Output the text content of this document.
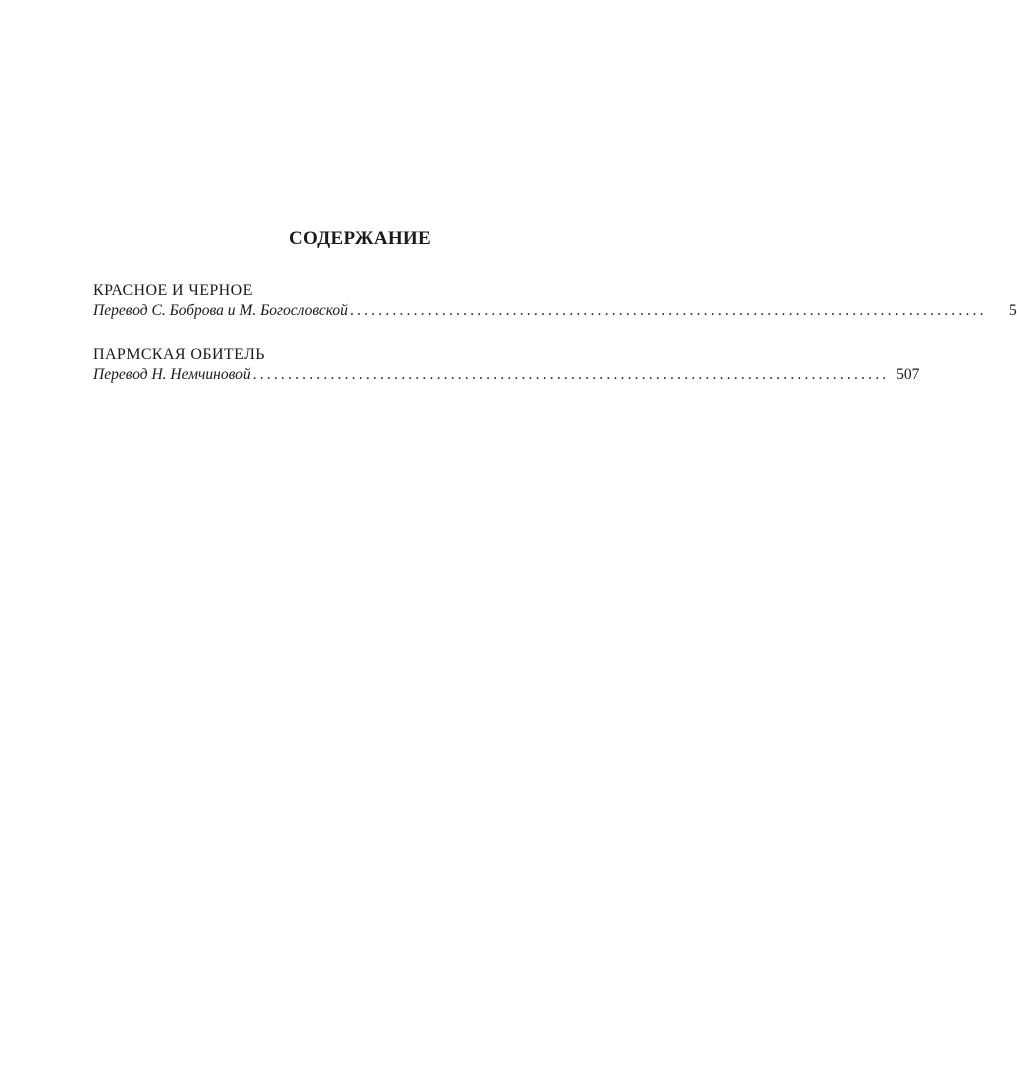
СОДЕРЖАНИЕ
КРАСНОЕ И ЧЕРНОЕ
Перевод С. Боброва и М. Богословской ..........................................................................................	5
ПАРМСКАЯ ОБИТЕЛЬ
Перевод Н. Немчиновой .......................................................................................... 507
